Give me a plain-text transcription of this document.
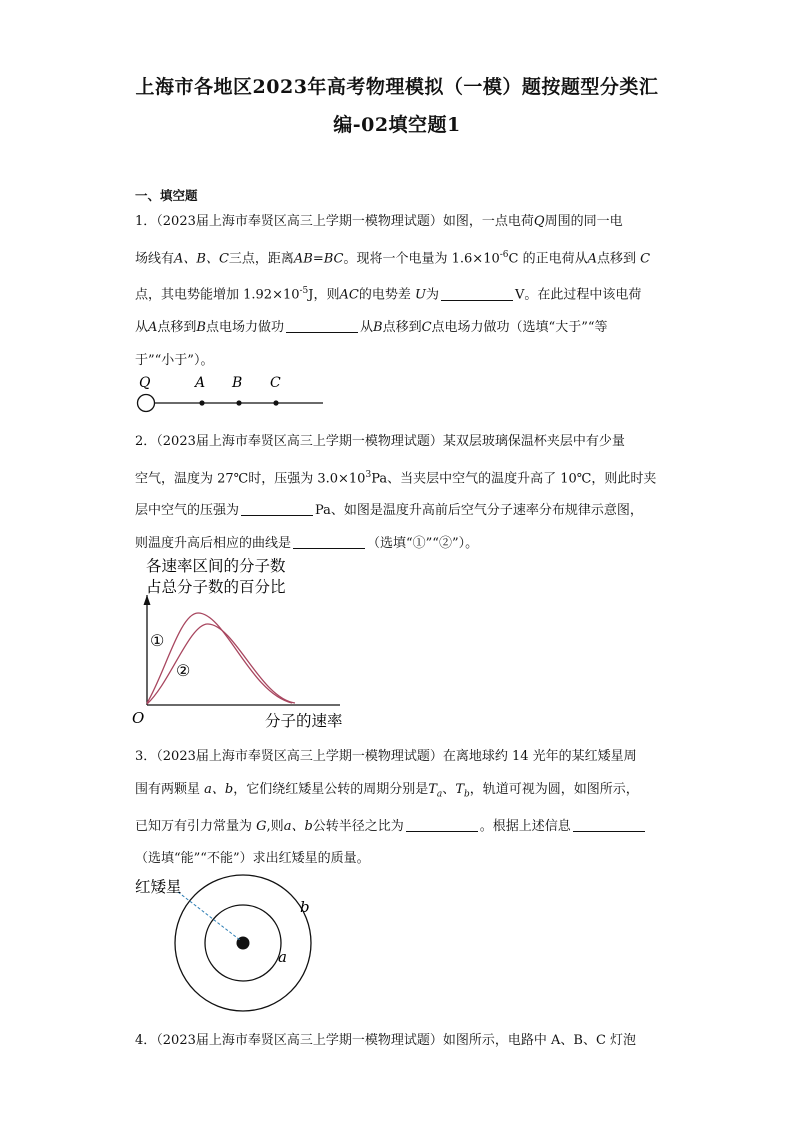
上海市各地区2023年高考物理模拟（一模）题按题型分类汇
编-02填空题1
一、填空题
1．（2023届上海市奉贤区高三上学期一模物理试题）如图，一点电荷Q周围的同一电
场线有A、B、C三点，距离AB=BC。现将一个电量为 $1.6\times 10^{-6}C$ 的正电荷从A点移到 C
点，其电势能增加 $1.92\times 10^{-5}J$，则AC的电势差 U为	V。在此过程中该电荷
从A点移到B点电场力做功	从B点移到C点电场力做功（选填“大于”“等
于”“小于”）。
Q	A B C
2．（2023届上海市奉贤区高三上学期一模物理试题）某双层玻璃保温杯夹层中有少量
空气，温度为 27℃时，压强为 $3.0\times 10^3Pa$、当夹层中空气的温度升高了 10℃，则此时夹
层中空气的压强为	Pa、如图是温度升高前后空气分子速率分布规律示意图，
则温度升高后相应的曲线是	（选填“①”“②”）。
各速率区间的分子数
占总分子数的百分比
①
②
O	分子的速率
3．（2023届上海市奉贤区高三上学期一模物理试题）在离地球约 14 光年的某红矮星周
围有两颗星 a、b，它们绕红矮星公转的周期分别是$T_a$、$T_b$，轨道可视为圆，如图所示，
已知万有引力常量为 G,则a、b公转半径之比为	。根据上述信息
（选填“能”“不能”）求出红矮星的质量。
红矮星
a
b
4．（2023届上海市奉贤区高三上学期一模物理试题）如图所示，电路中 A、B、C 灯泡
